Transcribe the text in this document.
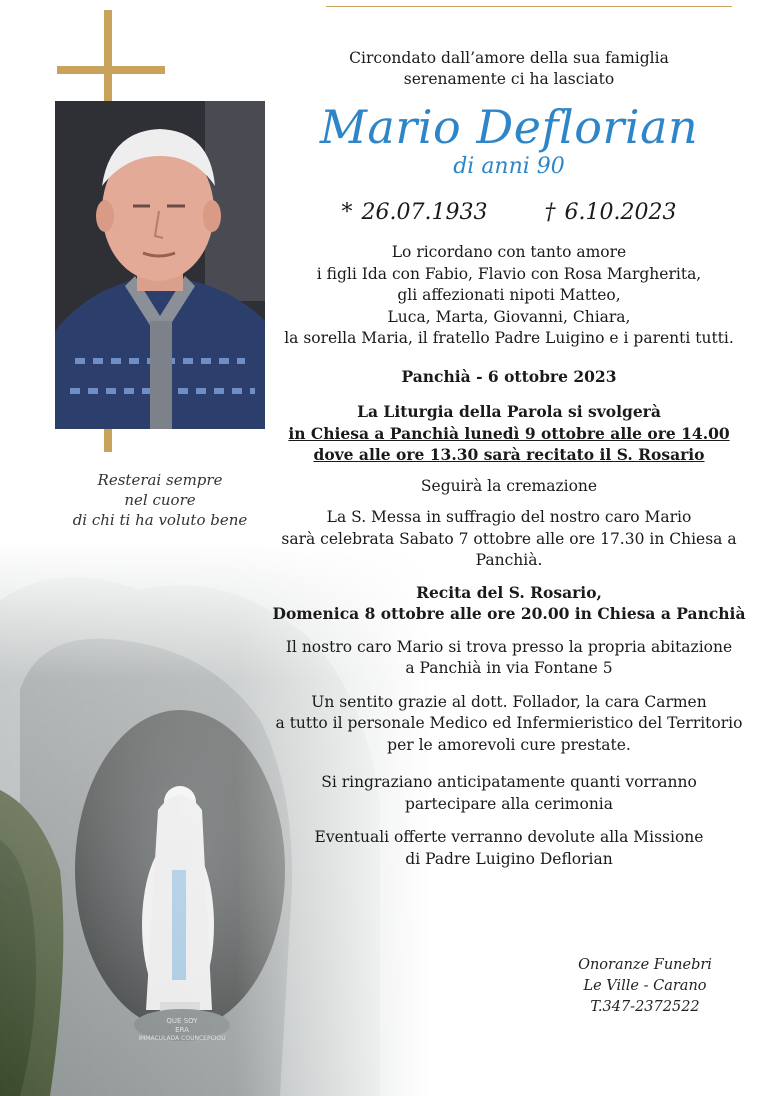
Resterai sempre
nel cuore
di chi ti ha voluto bene
Circondato dall’amore della sua famiglia
serenamente ci ha lasciato
Mario Deflorian
di anni 90
* 26.07.1933	† 6.10.2023

Lo ricordano con tanto amore

i figli Ida con Fabio, Flavio con Rosa Margherita,

gli affezionati nipoti Matteo,

Luca, Marta, Giovanni, Chiara,

la sorella Maria, il fratello Padre Luigino e i parenti tutti.

Panchià - 6 ottobre 2023

La Liturgia della Parola si svolgerà

in Chiesa a Panchià lunedì 9 ottobre alle ore 14.00

dove alle ore 13.30 sarà recitato il S. Rosario

Seguirà la cremazione

La S. Messa in suffragio del nostro caro Mario

sarà celebrata Sabato 7 ottobre alle ore 17.30 in Chiesa a Panchià.

Recita del S. Rosario,

Domenica 8 ottobre alle ore 20.00 in Chiesa a Panchià

Il nostro caro Mario si trova presso la propria abitazione

a Panchià in via Fontane 5

Un sentito grazie al dott. Follador, la cara Carmen

a tutto il personale Medico ed Infermieristico del Territorio

per le amorevoli cure prestate.

Si ringraziano anticipatamente quanti vorranno

partecipare alla cerimonia

Eventuali offerte verranno devolute alla Missione

di Padre Luigino Deflorian

Onoranze Funebri
Le Ville - Carano
T.347-2372522
